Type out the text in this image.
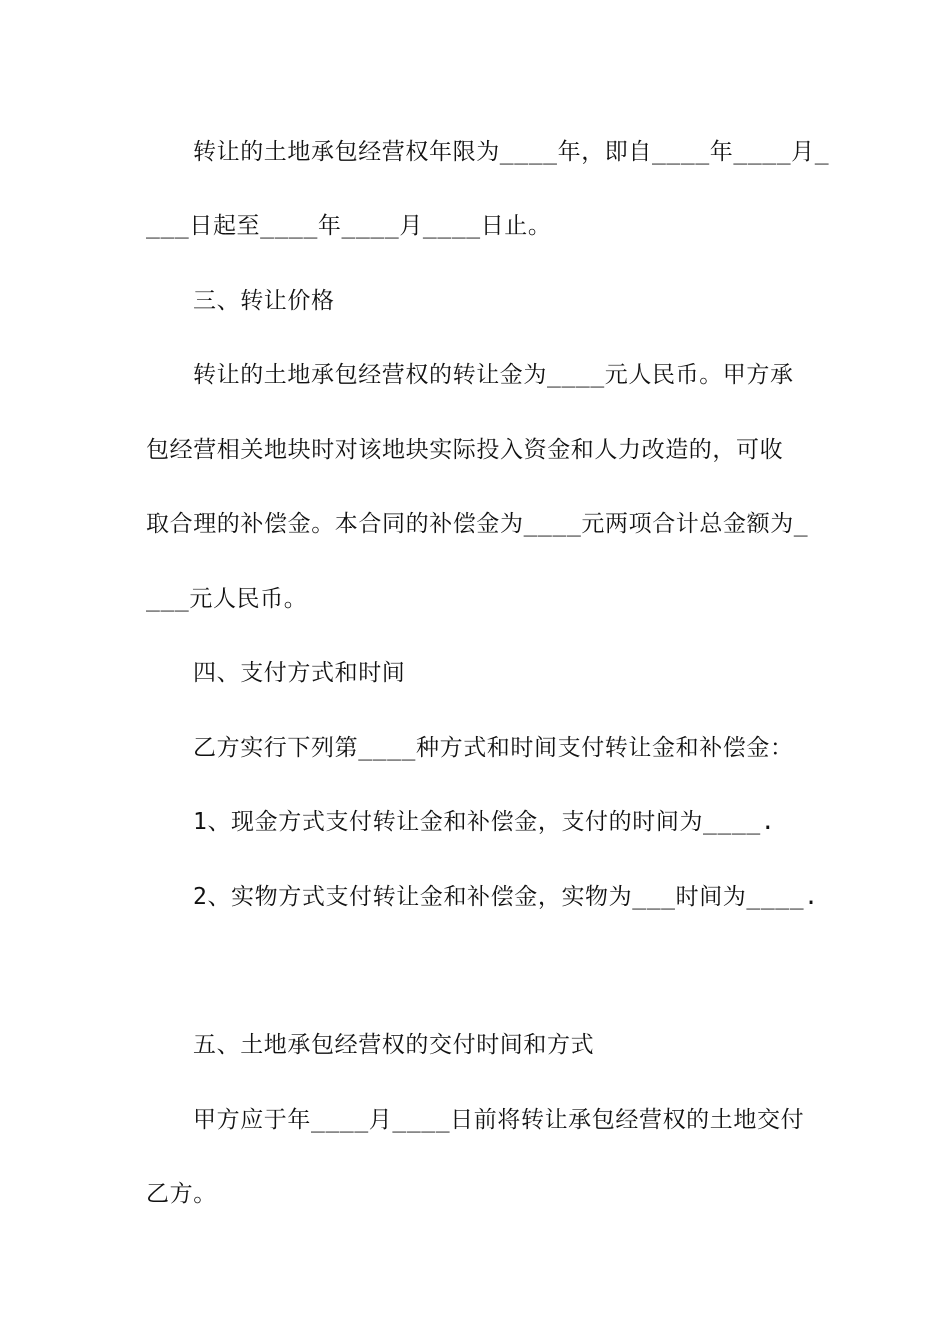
转让的土地承包经营权年限为____年，即自____年____月_
___日起至____年____月____日止。
三、转让价格
转让的土地承包经营权的转让金为____元人民币。甲方承
包经营相关地块时对该地块实际投入资金和人力改造的，可收
取合理的补偿金。本合同的补偿金为____元两项合计总金额为_
___元人民币。
四、支付方式和时间
乙方实行下列第____种方式和时间支付转让金和补偿金：
1、现金方式支付转让金和补偿金，支付的时间为____.
2、实物方式支付转让金和补偿金，实物为___时间为____.
五、土地承包经营权的交付时间和方式
甲方应于年____月____日前将转让承包经营权的土地交付
乙方。
